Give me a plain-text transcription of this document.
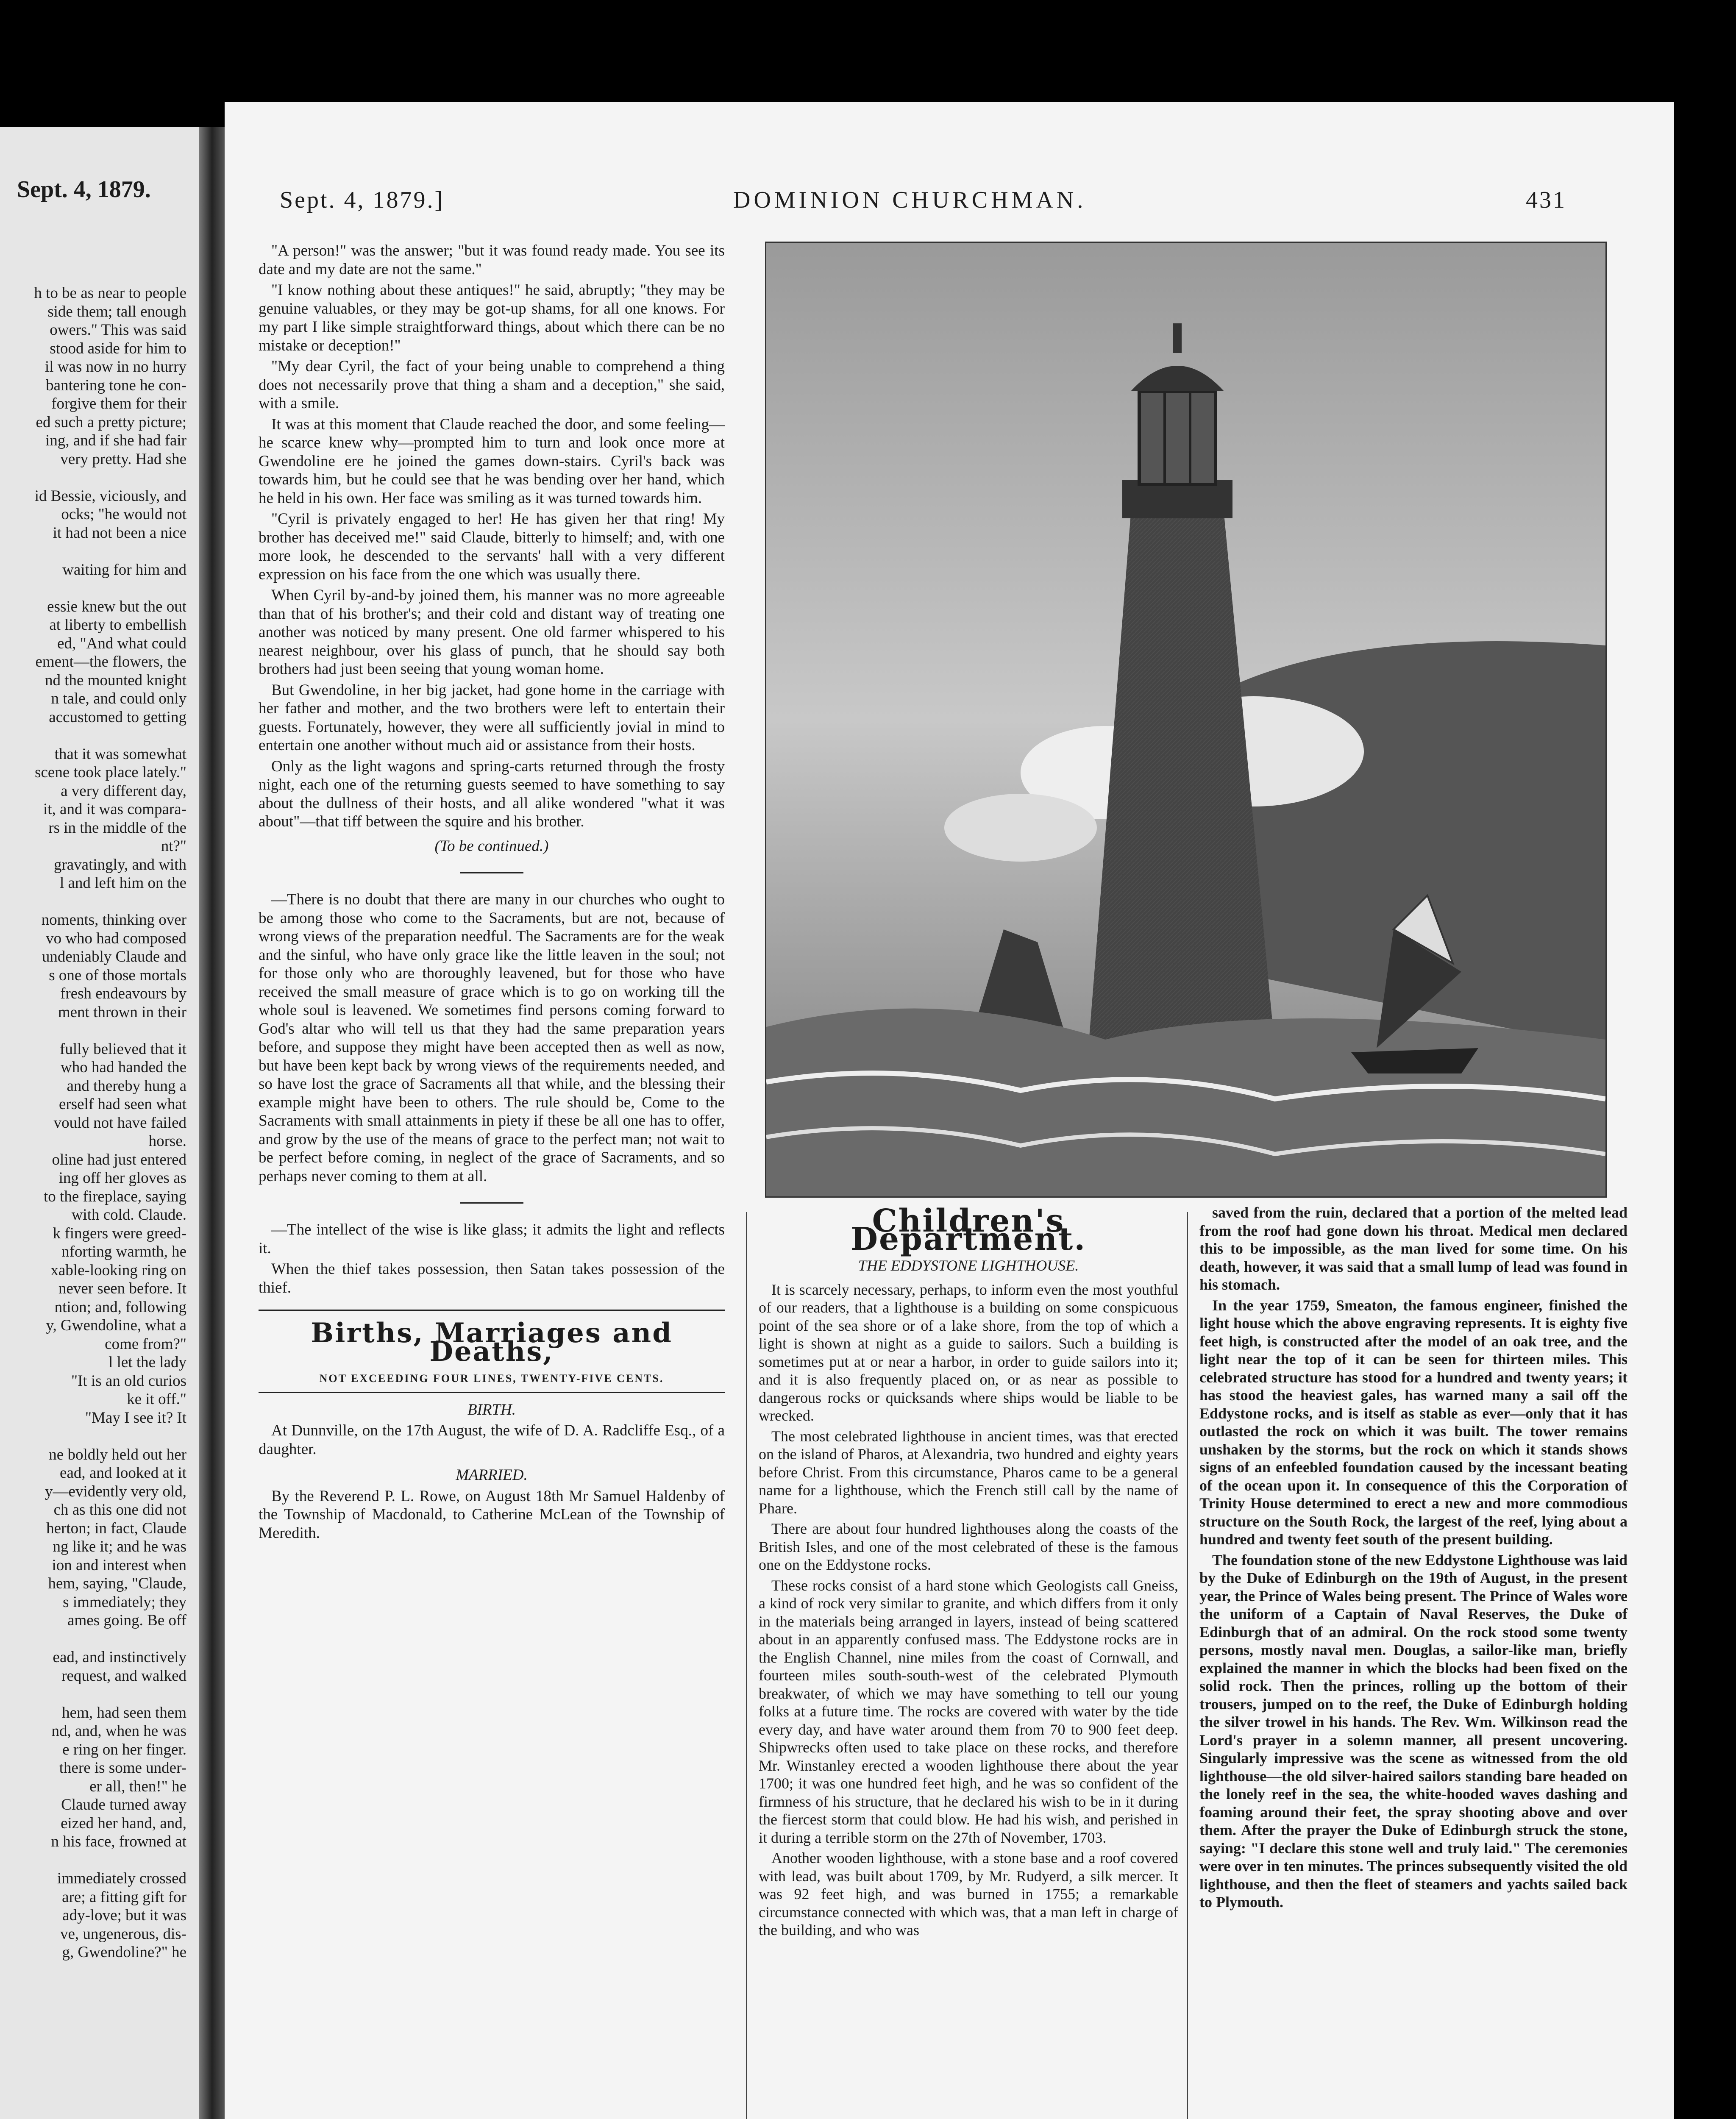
Sept. 4, 1879.
h to be as near to people
side them; tall enough
owers." This was said
stood aside for him to
il was now in no hurry
bantering tone he con-
forgive them for their
ed such a pretty picture;
ing, and if she had fair
very pretty. Had she
id Bessie, viciously, and
ocks; "he would not
it had not been a nice
waiting for him and
essie knew but the out
at liberty to embellish
ed, "And what could
ement—the flowers, the
nd the mounted knight
n tale, and could only
accustomed to getting
that it was somewhat
scene took place lately."
a very different day,
it, and it was compara-
rs in the middle of the
nt?"
gravatingly, and with
l and left him on the
noments, thinking over
vo who had composed
undeniably Claude and
s one of those mortals
fresh endeavours by
ment thrown in their
fully believed that it
who had handed the
and thereby hung a
erself had seen what
vould not have failed
horse.
oline had just entered
ing off her gloves as
to the fireplace, saying
with cold. Claude.
k fingers were greed-
nforting warmth, he
xable-looking ring on
never seen before. It
ntion; and, following
y, Gwendoline, what a
come from?"
l let the lady
"It is an old curios
ke it off."
"May I see it? It
ne boldly held out her
ead, and looked at it
y—evidently very old,
ch as this one did not
herton; in fact, Claude
ng like it; and he was
ion and interest when
hem, saying, "Claude,
s immediately; they
ames going. Be off
ead, and instinctively
request, and walked
hem, had seen them
nd, and, when he was
e ring on her finger.
there is some under-
er all, then!" he
Claude turned away
eized her hand, and,
n his face, frowned at
immediately crossed
are; a fitting gift for
ady-love; but it was
ve, ungenerous, dis-
g, Gwendoline?" he
Sept. 4, 1879.]	DOMINION CHURCHMAN.	431

"A person!" was the answer; "but it was found ready made. You see its date and my date are not the same."

"I know nothing about these antiques!" he said, abruptly; "they may be genuine valuables, or they may be got-up shams, for all one knows. For my part I like simple straightforward things, about which there can be no mistake or deception!"

"My dear Cyril, the fact of your being unable to comprehend a thing does not necessarily prove that thing a sham and a deception," she said, with a smile.

It was at this moment that Claude reached the door, and some feeling—he scarce knew why—prompted him to turn and look once more at Gwendoline ere he joined the games down-stairs. Cyril's back was towards him, but he could see that he was bending over her hand, which he held in his own. Her face was smiling as it was turned towards him.

"Cyril is privately engaged to her! He has given her that ring! My brother has deceived me!" said Claude, bitterly to himself; and, with one more look, he descended to the servants' hall with a very different expression on his face from the one which was usually there.

When Cyril by-and-by joined them, his manner was no more agreeable than that of his brother's; and their cold and distant way of treating one another was noticed by many present. One old farmer whispered to his nearest neighbour, over his glass of punch, that he should say both brothers had just been seeing that young woman home.

But Gwendoline, in her big jacket, had gone home in the carriage with her father and mother, and the two brothers were left to entertain their guests. Fortunately, however, they were all sufficiently jovial in mind to entertain one another without much aid or assistance from their hosts.

Only as the light wagons and spring-carts returned through the frosty night, each one of the returning guests seemed to have something to say about the dullness of their hosts, and all alike wondered "what it was about"—that tiff between the squire and his brother.

(To be continued.)

—There is no doubt that there are many in our churches who ought to be among those who come to the Sacraments, but are not, because of wrong views of the preparation needful. The Sacraments are for the weak and the sinful, who have only grace like the little leaven in the soul; not for those only who are thoroughly leavened, but for those who have received the small measure of grace which is to go on working till the whole soul is leavened. We sometimes find persons coming forward to God's altar who will tell us that they had the same preparation years before, and suppose they might have been accepted then as well as now, but have been kept back by wrong views of the requirements needed, and so have lost the grace of Sacraments all that while, and the blessing their example might have been to others. The rule should be, Come to the Sacraments with small attainments in piety if these be all one has to offer, and grow by the use of the means of grace to the perfect man; not wait to be perfect before coming, in neglect of the grace of Sacraments, and so perhaps never coming to them at all.

—The intellect of the wise is like glass; it admits the light and reflects it.

When the thief takes possession, then Satan takes possession of the thief.

Births, Marriages and Deaths,
NOT EXCEEDING FOUR LINES, TWENTY-FIVE CENTS.

BIRTH.

At Dunnville, on the 17th August, the wife of D. A. Radcliffe Esq., of a daughter.

MARRIED.

By the Reverend P. L. Rowe, on August 18th Mr Samuel Haldenby of the Township of Macdonald, to Catherine McLean of the Township of Meredith.

Children's Department.

THE EDDYSTONE LIGHTHOUSE.

It is scarcely necessary, perhaps, to inform even the most youthful of our readers, that a lighthouse is a building on some conspicuous point of the sea shore or of a lake shore, from the top of which a light is shown at night as a guide to sailors. Such a building is sometimes put at or near a harbor, in order to guide sailors into it; and it is also frequently placed on, or as near as possible to dangerous rocks or quicksands where ships would be liable to be wrecked.

The most celebrated lighthouse in ancient times, was that erected on the island of Pharos, at Alexandria, two hundred and eighty years before Christ. From this circumstance, Pharos came to be a general name for a lighthouse, which the French still call by the name of Phare.

There are about four hundred lighthouses along the coasts of the British Isles, and one of the most celebrated of these is the famous one on the Eddystone rocks.

These rocks consist of a hard stone which Geologists call Gneiss, a kind of rock very similar to granite, and which differs from it only in the materials being arranged in layers, instead of being scattered about in an apparently confused mass. The Eddystone rocks are in the English Channel, nine miles from the coast of Cornwall, and fourteen miles south-south-west of the celebrated Plymouth breakwater, of which we may have something to tell our young folks at a future time. The rocks are covered with water by the tide every day, and have water around them from 70 to 900 feet deep. Shipwrecks often used to take place on these rocks, and therefore Mr. Winstanley erected a wooden lighthouse there about the year 1700; it was one hundred feet high, and he was so confident of the firmness of his structure, that he declared his wish to be in it during the fiercest storm that could blow. He had his wish, and perished in it during a terrible storm on the 27th of November, 1703.

Another wooden lighthouse, with a stone base and a roof covered with lead, was built about 1709, by Mr. Rudyerd, a silk mercer. It was 92 feet high, and was burned in 1755; a remarkable circumstance connected with which was, that a man left in charge of the building, and who was

saved from the ruin, declared that a portion of the melted lead from the roof had gone down his throat. Medical men declared this to be impossible, as the man lived for some time. On his death, however, it was said that a small lump of lead was found in his stomach.

In the year 1759, Smeaton, the famous engineer, finished the light house which the above engraving represents. It is eighty five feet high, is constructed after the model of an oak tree, and the light near the top of it can be seen for thirteen miles. This celebrated structure has stood for a hundred and twenty years; it has stood the heaviest gales, has warned many a sail off the Eddystone rocks, and is itself as stable as ever—only that it has outlasted the rock on which it was built. The tower remains unshaken by the storms, but the rock on which it stands shows signs of an enfeebled foundation caused by the incessant beating of the ocean upon it. In consequence of this the Corporation of Trinity House determined to erect a new and more commodious structure on the South Rock, the largest of the reef, lying about a hundred and twenty feet south of the present building.

The foundation stone of the new Eddystone Lighthouse was laid by the Duke of Edinburgh on the 19th of August, in the present year, the Prince of Wales being present. The Prince of Wales wore the uniform of a Captain of Naval Reserves, the Duke of Edinburgh that of an admiral. On the rock stood some twenty persons, mostly naval men. Douglas, a sailor-like man, briefly explained the manner in which the blocks had been fixed on the solid rock. Then the princes, rolling up the bottom of their trousers, jumped on to the reef, the Duke of Edinburgh holding the silver trowel in his hands. The Rev. Wm. Wilkinson read the Lord's prayer in a solemn manner, all present uncovering. Singularly impressive was the scene as witnessed from the old lighthouse—the old silver-haired sailors standing bare headed on the lonely reef in the sea, the white-hooded waves dashing and foaming around their feet, the spray shooting above and over them. After the prayer the Duke of Edinburgh struck the stone, saying: "I declare this stone well and truly laid." The ceremonies were over in ten minutes. The princes subsequently visited the old lighthouse, and then the fleet of steamers and yachts sailed back to Plymouth.
